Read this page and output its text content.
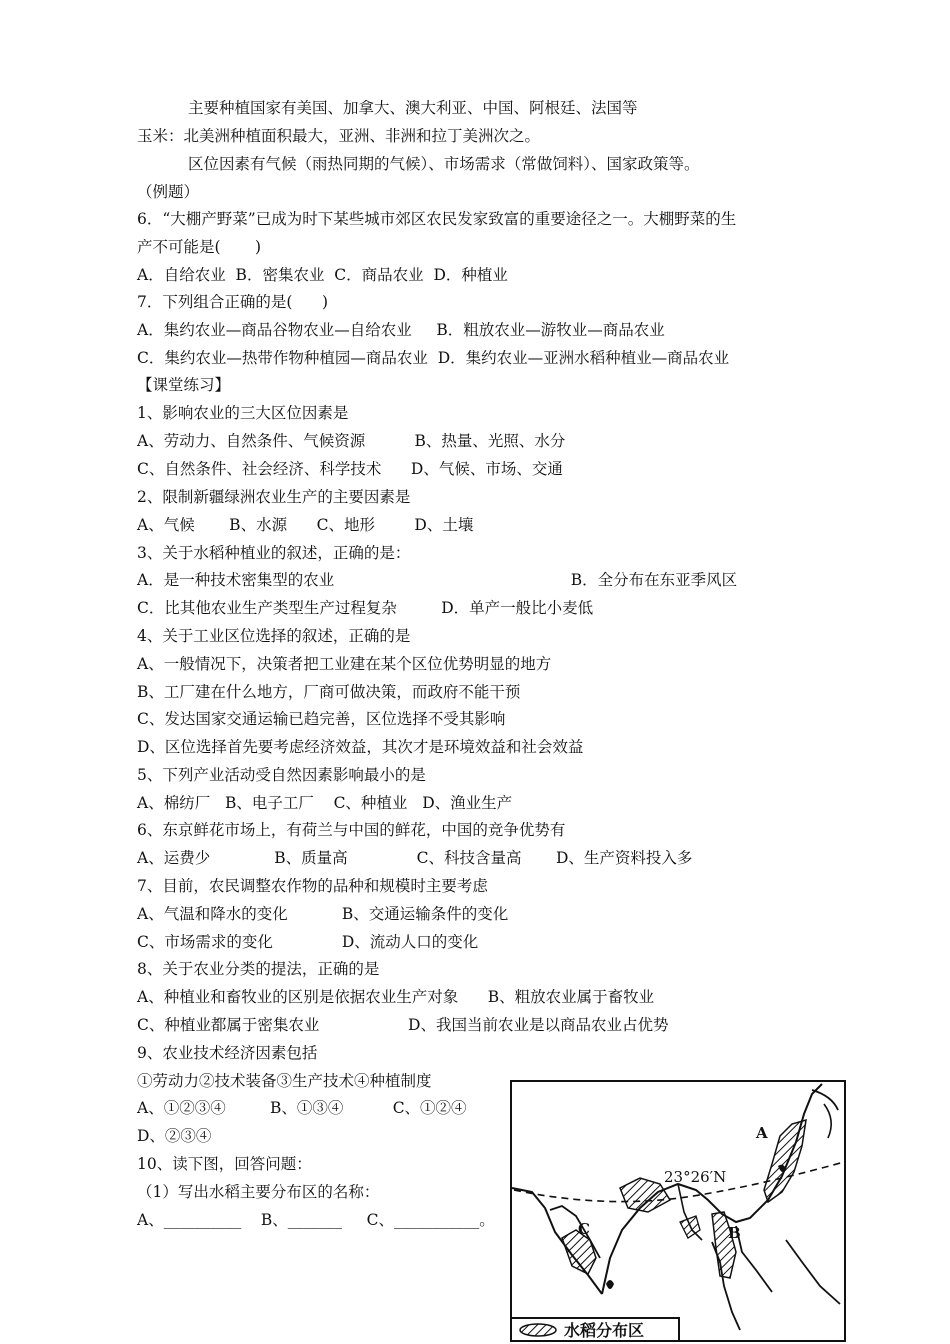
主要种植国家有美国、加拿大、澳大利亚、中国、阿根廷、法国等
玉米：北美洲种植面积最大，亚洲、非洲和拉丁美洲次之。
区位因素有气候（雨热同期的气候）、市场需求（常做饲料）、国家政策等。
（例题）
6．“大棚产野菜”已成为时下某些城市郊区农民发家致富的重要途径之一。大棚野菜的生
产不可能是(       )
A．自给农业  B．密集农业  C．商品农业  D．种植业
7．下列组合正确的是(      )
A．集约农业—商品谷物农业—自给农业     B．粗放农业—游牧业—商品农业
C．集约农业—热带作物种植园—商品农业  D．集约农业—亚洲水稻种植业—商品农业
【课堂练习】
1、影响农业的三大区位因素是
A、劳动力、自然条件、气候资源          B、热量、光照、水分
C、自然条件、社会经济、科学技术      D、气候、市场、交通
2、限制新疆绿洲农业生产的主要因素是
A、气候       B、水源      C、地形        D、土壤
3、关于水稻种植业的叙述，正确的是：
A．是一种技术密集型的农业                                                B．全分布在东亚季风区
C．比其他农业生产类型生产过程复杂         D．单产一般比小麦低
4、关于工业区位选择的叙述，正确的是
A、一般情况下，决策者把工业建在某个区位优势明显的地方
B、工厂建在什么地方，厂商可做决策，而政府不能干预
C、发达国家交通运输已趋完善，区位选择不受其影响
D、区位选择首先要考虑经济效益，其次才是环境效益和社会效益
5、下列产业活动受自然因素影响最小的是
A、棉纺厂   B、电子工厂    C、种植业   D、渔业生产
6、东京鲜花市场上，有荷兰与中国的鲜花，中国的竞争优势有
A、运费少             B、质量高              C、科技含量高       D、生产资料投入多
7、目前，农民调整农作物的品种和规模时主要考虑
A、气温和降水的变化           B、交通运输条件的变化
C、市场需求的变化              D、流动人口的变化
8、关于农业分类的提法，正确的是
A、种植业和畜牧业的区别是依据农业生产对象      B、粗放农业属于畜牧业
C、种植业都属于密集农业                  D、我国当前农业是以商品农业占优势
9、农业技术经济因素包括
①劳动力②技术装备③生产技术④种植制度
A、①②③④         B、①③④          C、①②④
D、②③④
10、读下图，回答问题：
（1）写出水稻主要分布区的名称：
A、__________    B、_______     C、___________。
23°26′N
A
B
C
水稻分布区
